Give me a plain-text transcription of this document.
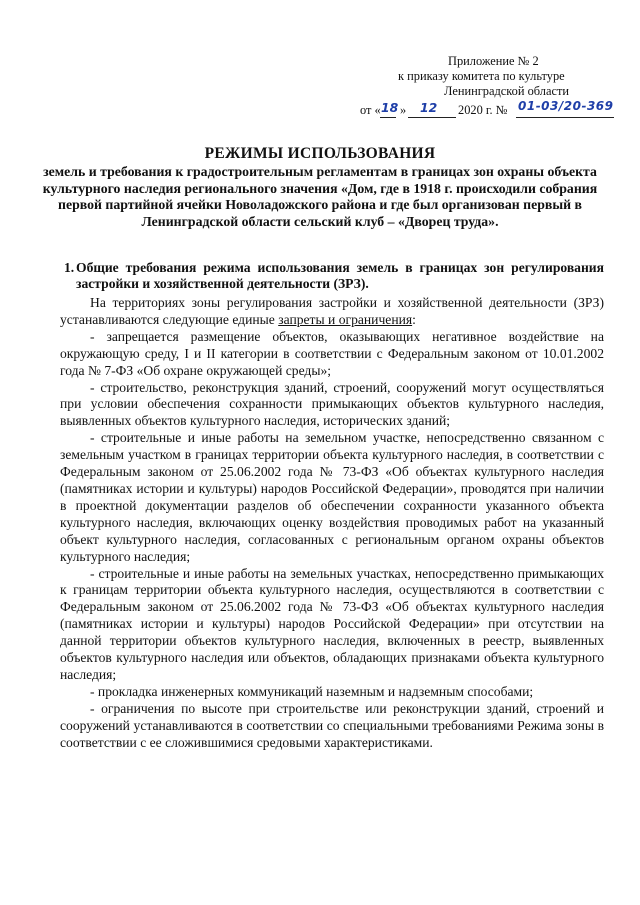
Приложение № 2
к приказу комитета по культуре
Ленинградской области
от « 18 » 12 2020 г. № 01-03/20-369
РЕЖИМЫ ИСПОЛЬЗОВАНИЯ
земель и требования к градостроительным регламентам в границах зон охраны объекта культурного наследия регионального значения «Дом, где в 1918 г. происходили собрания первой партийной ячейки Новоладожского района и где был организован первый в Ленинградской области сельский клуб – «Дворец труда».
1. Общие требования режима использования земель в границах зон регулирования застройки и хозяйственной деятельности (ЗРЗ).

На территориях зоны регулирования застройки и хозяйственной деятельности (ЗРЗ) устанавливаются следующие единые запреты и ограничения:

- запрещается размещение объектов, оказывающих негативное воздействие на окружающую среду, I и II категории в соответствии с Федеральным законом от 10.01.2002 года № 7-ФЗ «Об охране окружающей среды»;

- строительство, реконструкция зданий, строений, сооружений могут осуществляться при условии обеспечения сохранности примыкающих объектов культурного наследия, выявленных объектов культурного наследия, исторических зданий;

- строительные и иные работы на земельном участке, непосредственно связанном с земельным участком в границах территории объекта культурного наследия, в соответствии с Федеральным законом от 25.06.2002 года № 73-ФЗ «Об объектах культурного наследия (памятниках истории и культуры) народов Российской Федерации», проводятся при наличии в проектной документации разделов об обеспечении сохранности указанного объекта культурного наследия, включающих оценку воздействия проводимых работ на указанный объект культурного наследия, согласованных с региональным органом охраны объектов культурного наследия;

- строительные и иные работы на земельных участках, непосредственно примыкающих к границам территории объекта культурного наследия, осуществляются в соответствии с Федеральным законом от 25.06.2002 года № 73-ФЗ «Об объектах культурного наследия (памятниках истории и культуры) народов Российской Федерации» при отсутствии на данной территории объектов культурного наследия, включенных в реестр, выявленных объектов культурного наследия или объектов, обладающих признаками объекта культурного наследия;

- прокладка инженерных коммуникаций наземным и надземным способами;

- ограничения по высоте при строительстве или реконструкции зданий, строений и сооружений устанавливаются в соответствии со специальными требованиями Режима зоны в соответствии с ее сложившимися средовыми характеристиками.
